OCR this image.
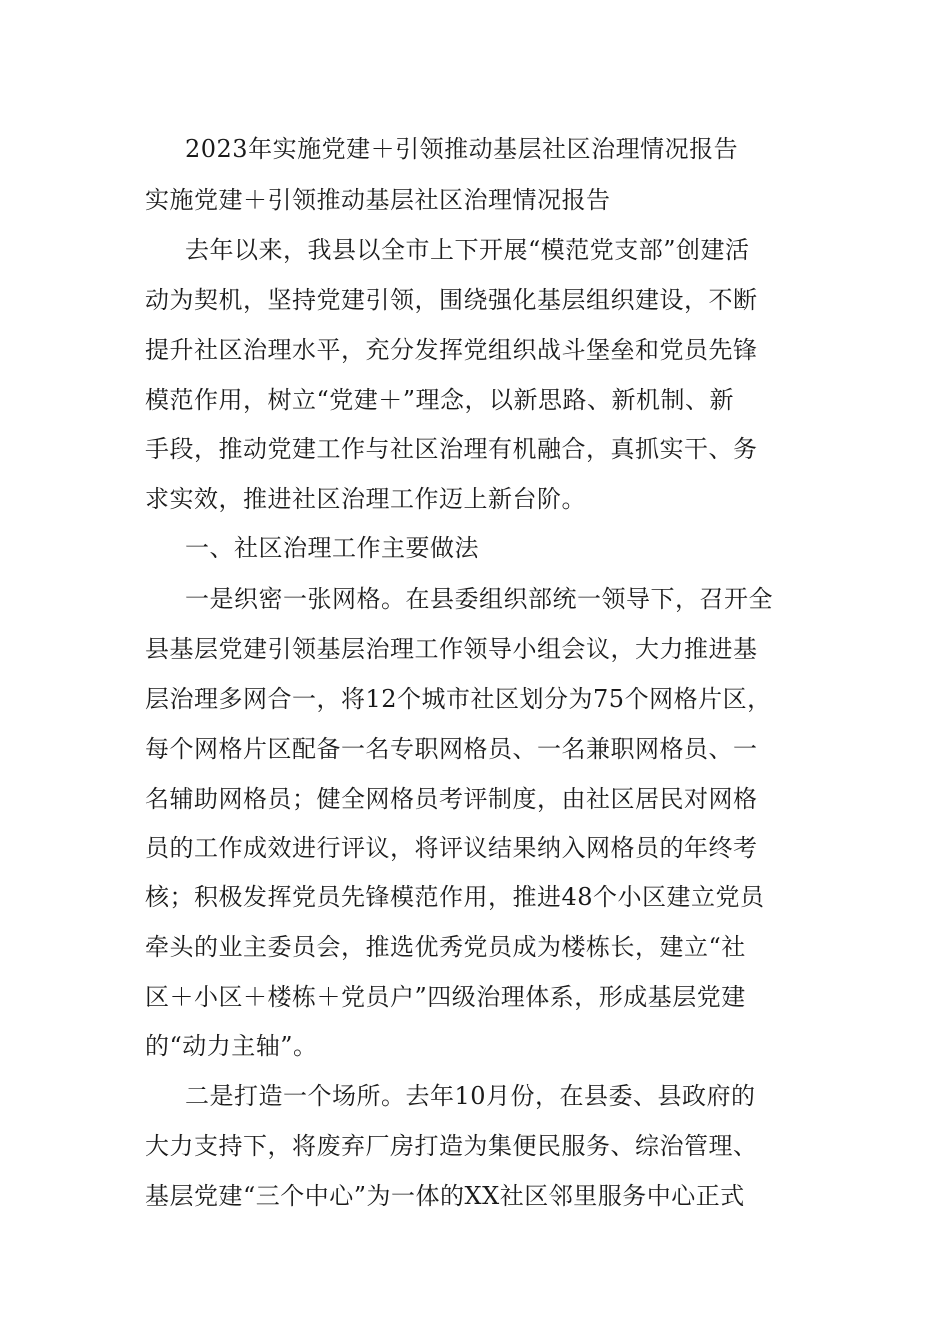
2023年实施党建＋引领推动基层社区治理情况报告
实施党建＋引领推动基层社区治理情况报告
去年以来，我县以全市上下开展“模范党支部”创建活
动为契机，坚持党建引领，围绕强化基层组织建设，不断
提升社区治理水平，充分发挥党组织战斗堡垒和党员先锋
模范作用，树立“党建＋”理念，以新思路、新机制、新
手段，推动党建工作与社区治理有机融合，真抓实干、务
求实效，推进社区治理工作迈上新台阶。
一、社区治理工作主要做法
一是织密一张网格。在县委组织部统一领导下，召开全
县基层党建引领基层治理工作领导小组会议，大力推进基
层治理多网合一，将12个城市社区划分为75个网格片区，
每个网格片区配备一名专职网格员、一名兼职网格员、一
名辅助网格员；健全网格员考评制度，由社区居民对网格
员的工作成效进行评议，将评议结果纳入网格员的年终考
核；积极发挥党员先锋模范作用，推进48个小区建立党员
牵头的业主委员会，推选优秀党员成为楼栋长，建立“社
区＋小区＋楼栋＋党员户”四级治理体系，形成基层党建
的“动力主轴”。
二是打造一个场所。去年10月份，在县委、县政府的
大力支持下，将废弃厂房打造为集便民服务、综治管理、
基层党建“三个中心”为一体的XX社区邻里服务中心正式
